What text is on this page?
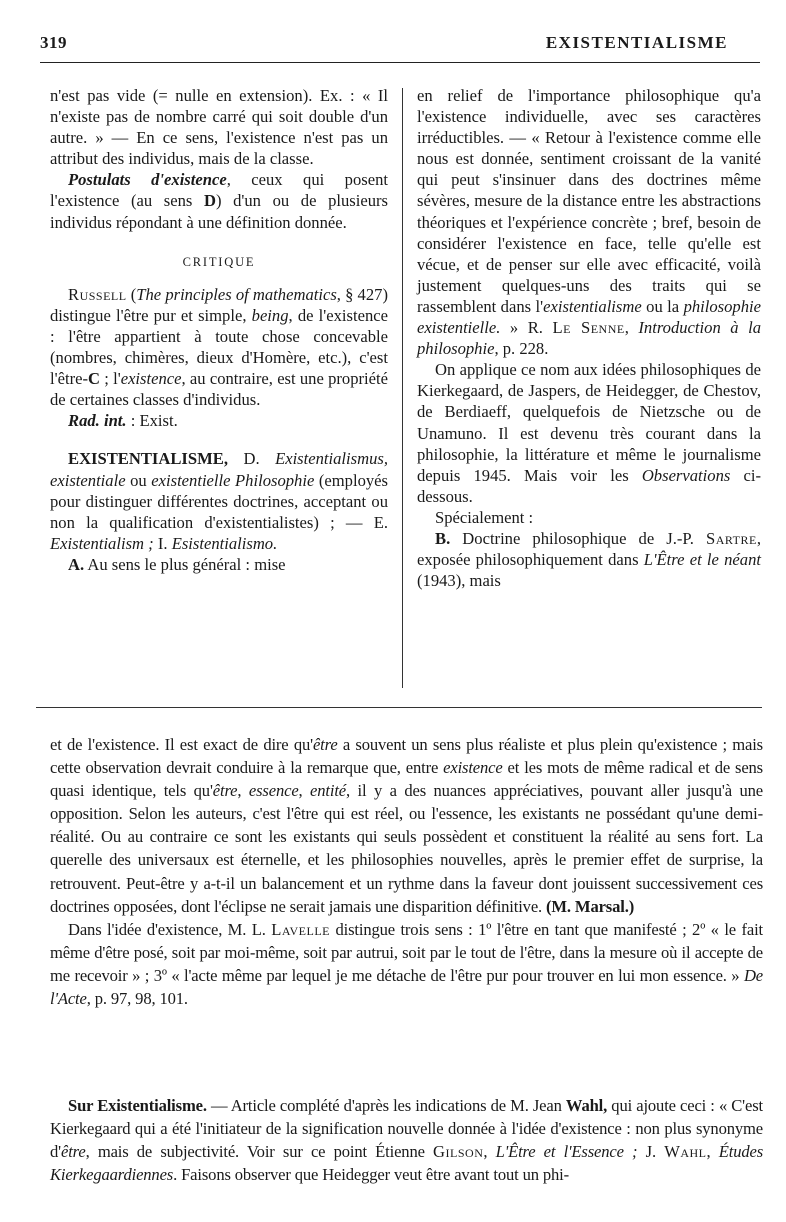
319	EXISTENTIALISME

n'est pas vide (= nulle en extension). Ex. : « Il n'existe pas de nombre carré qui soit double d'un autre. » — En ce sens, l'existence n'est pas un attribut des individus, mais de la classe.

Postulats d'existence, ceux qui posent l'existence (au sens D) d'un ou de plusieurs individus répondant à une définition donnée.

CRITIQUE

Russell (The principles of mathematics, § 427) distingue l'être pur et simple, being, de l'existence : l'être appartient à toute chose concevable (nombres, chimères, dieux d'Homère, etc.), c'est l'être-C ; l'existence, au contraire, est une propriété de certaines classes d'individus.

Rad. int. : Exist.

EXISTENTIALISME, D. Existentialismus, existentiale ou existentielle Philosophie (employés pour distinguer différentes doctrines, acceptant ou non la qualification d'existentialistes) ; — E. Existentialism ; I. Esistentialismo.

A. Au sens le plus général : mise

en relief de l'importance philosophique qu'a l'existence individuelle, avec ses caractères irréductibles. — « Retour à l'existence comme elle nous est donnée, sentiment croissant de la vanité qui peut s'insinuer dans des doctrines même sévères, mesure de la distance entre les abstractions théoriques et l'expérience concrète ; bref, besoin de considérer l'existence en face, telle qu'elle est vécue, et de penser sur elle avec efficacité, voilà justement quelques-uns des traits qui se rassemblent dans l'existentialisme ou la philosophie existentielle. » R. Le Senne, Introduction à la philosophie, p. 228.

On applique ce nom aux idées philosophiques de Kierkegaard, de Jaspers, de Heidegger, de Chestov, de Berdiaeff, quelquefois de Nietzsche ou de Unamuno. Il est devenu très courant dans la philosophie, la littérature et même le journalisme depuis 1945. Mais voir les Observations ci-dessous.

Spécialement :

B. Doctrine philosophique de J.-P. Sartre, exposée philosophiquement dans L'Être et le néant (1943), mais

et de l'existence. Il est exact de dire qu'être a souvent un sens plus réaliste et plus plein qu'existence ; mais cette observation devrait conduire à la remarque que, entre existence et les mots de même radical et de sens quasi identique, tels qu'être, essence, entité, il y a des nuances appréciatives, pouvant aller jusqu'à une opposition. Selon les auteurs, c'est l'être qui est réel, ou l'essence, les existants ne possédant qu'une demi-réalité. Ou au contraire ce sont les existants qui seuls possèdent et constituent la réalité au sens fort. La querelle des universaux est éternelle, et les philosophies nouvelles, après le premier effet de surprise, la retrouvent. Peut-être y a-t-il un balancement et un rythme dans la faveur dont jouissent successivement ces doctrines opposées, dont l'éclipse ne serait jamais une disparition définitive. (M. Marsal.)

Dans l'idée d'existence, M. L. Lavelle distingue trois sens : 1º l'être en tant que manifesté ; 2º « le fait même d'être posé, soit par moi-même, soit par autrui, soit par le tout de l'être, dans la mesure où il accepte de me recevoir » ; 3º « l'acte même par lequel je me détache de l'être pur pour trouver en lui mon essence. » De l'Acte, p. 97, 98, 101.

Sur Existentialisme. — Article complété d'après les indications de M. Jean Wahl, qui ajoute ceci : « C'est Kierkegaard qui a été l'initiateur de la signification nouvelle donnée à l'idée d'existence : non plus synonyme d'être, mais de subjectivité. Voir sur ce point Étienne Gilson, L'Être et l'Essence ; J. Wahl, Études Kierkegaardiennes. Faisons observer que Heidegger veut être avant tout un phi-
